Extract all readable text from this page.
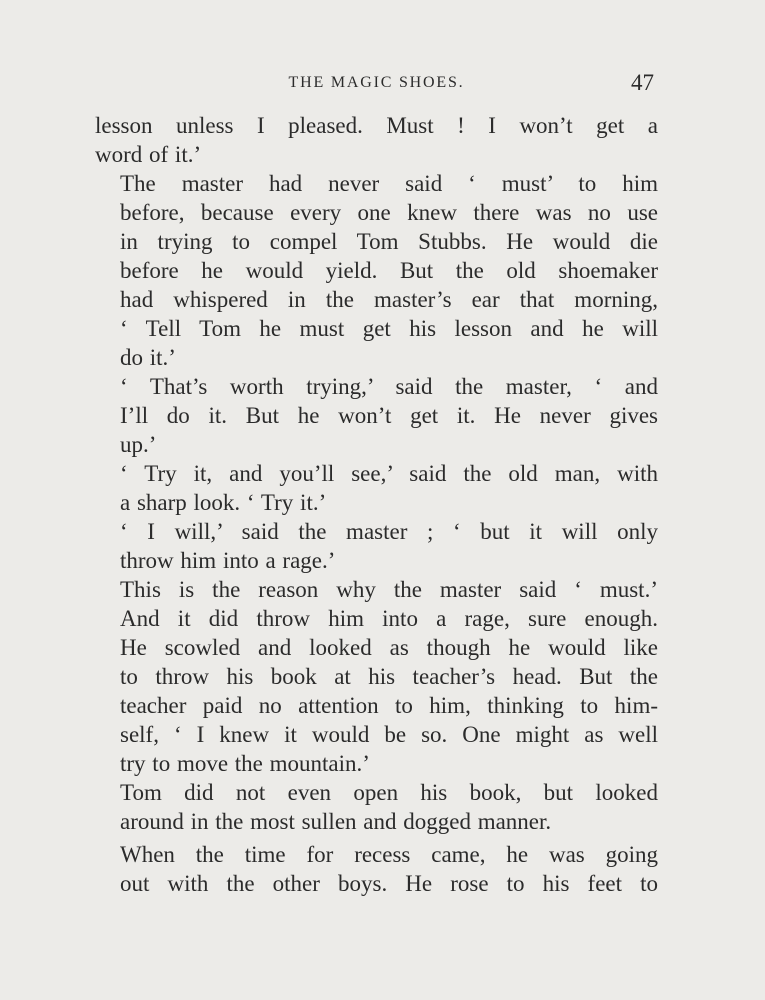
THE MAGIC SHOES.	47

lesson unless I pleased. Must ! I won’t get a
word of it.’

The master had never said ‘ must’ to him
before, because every one knew there was no use
in trying to compel Tom Stubbs. He would die
before he would yield. But the old shoemaker
had whispered in the master’s ear that morning,
‘ Tell Tom he must get his lesson and he will
do it.’

‘ That’s worth trying,’ said the master, ‘ and
I’ll do it. But he won’t get it. He never gives
up.’

‘ Try it, and you’ll see,’ said the old man, with
a sharp look. ‘ Try it.’

‘ I will,’ said the master ; ‘ but it will only
throw him into a rage.’

This is the reason why the master said ‘ must.’
And it did throw him into a rage, sure enough.
He scowled and looked as though he would like
to throw his book at his teacher’s head. But the
teacher paid no attention to him, thinking to him-
self, ‘ I knew it would be so. One might as well
try to move the mountain.’

Tom did not even open his book, but looked
around in the most sullen and dogged manner.

When the time for recess came, he was going
out with the other boys. He rose to his feet to
